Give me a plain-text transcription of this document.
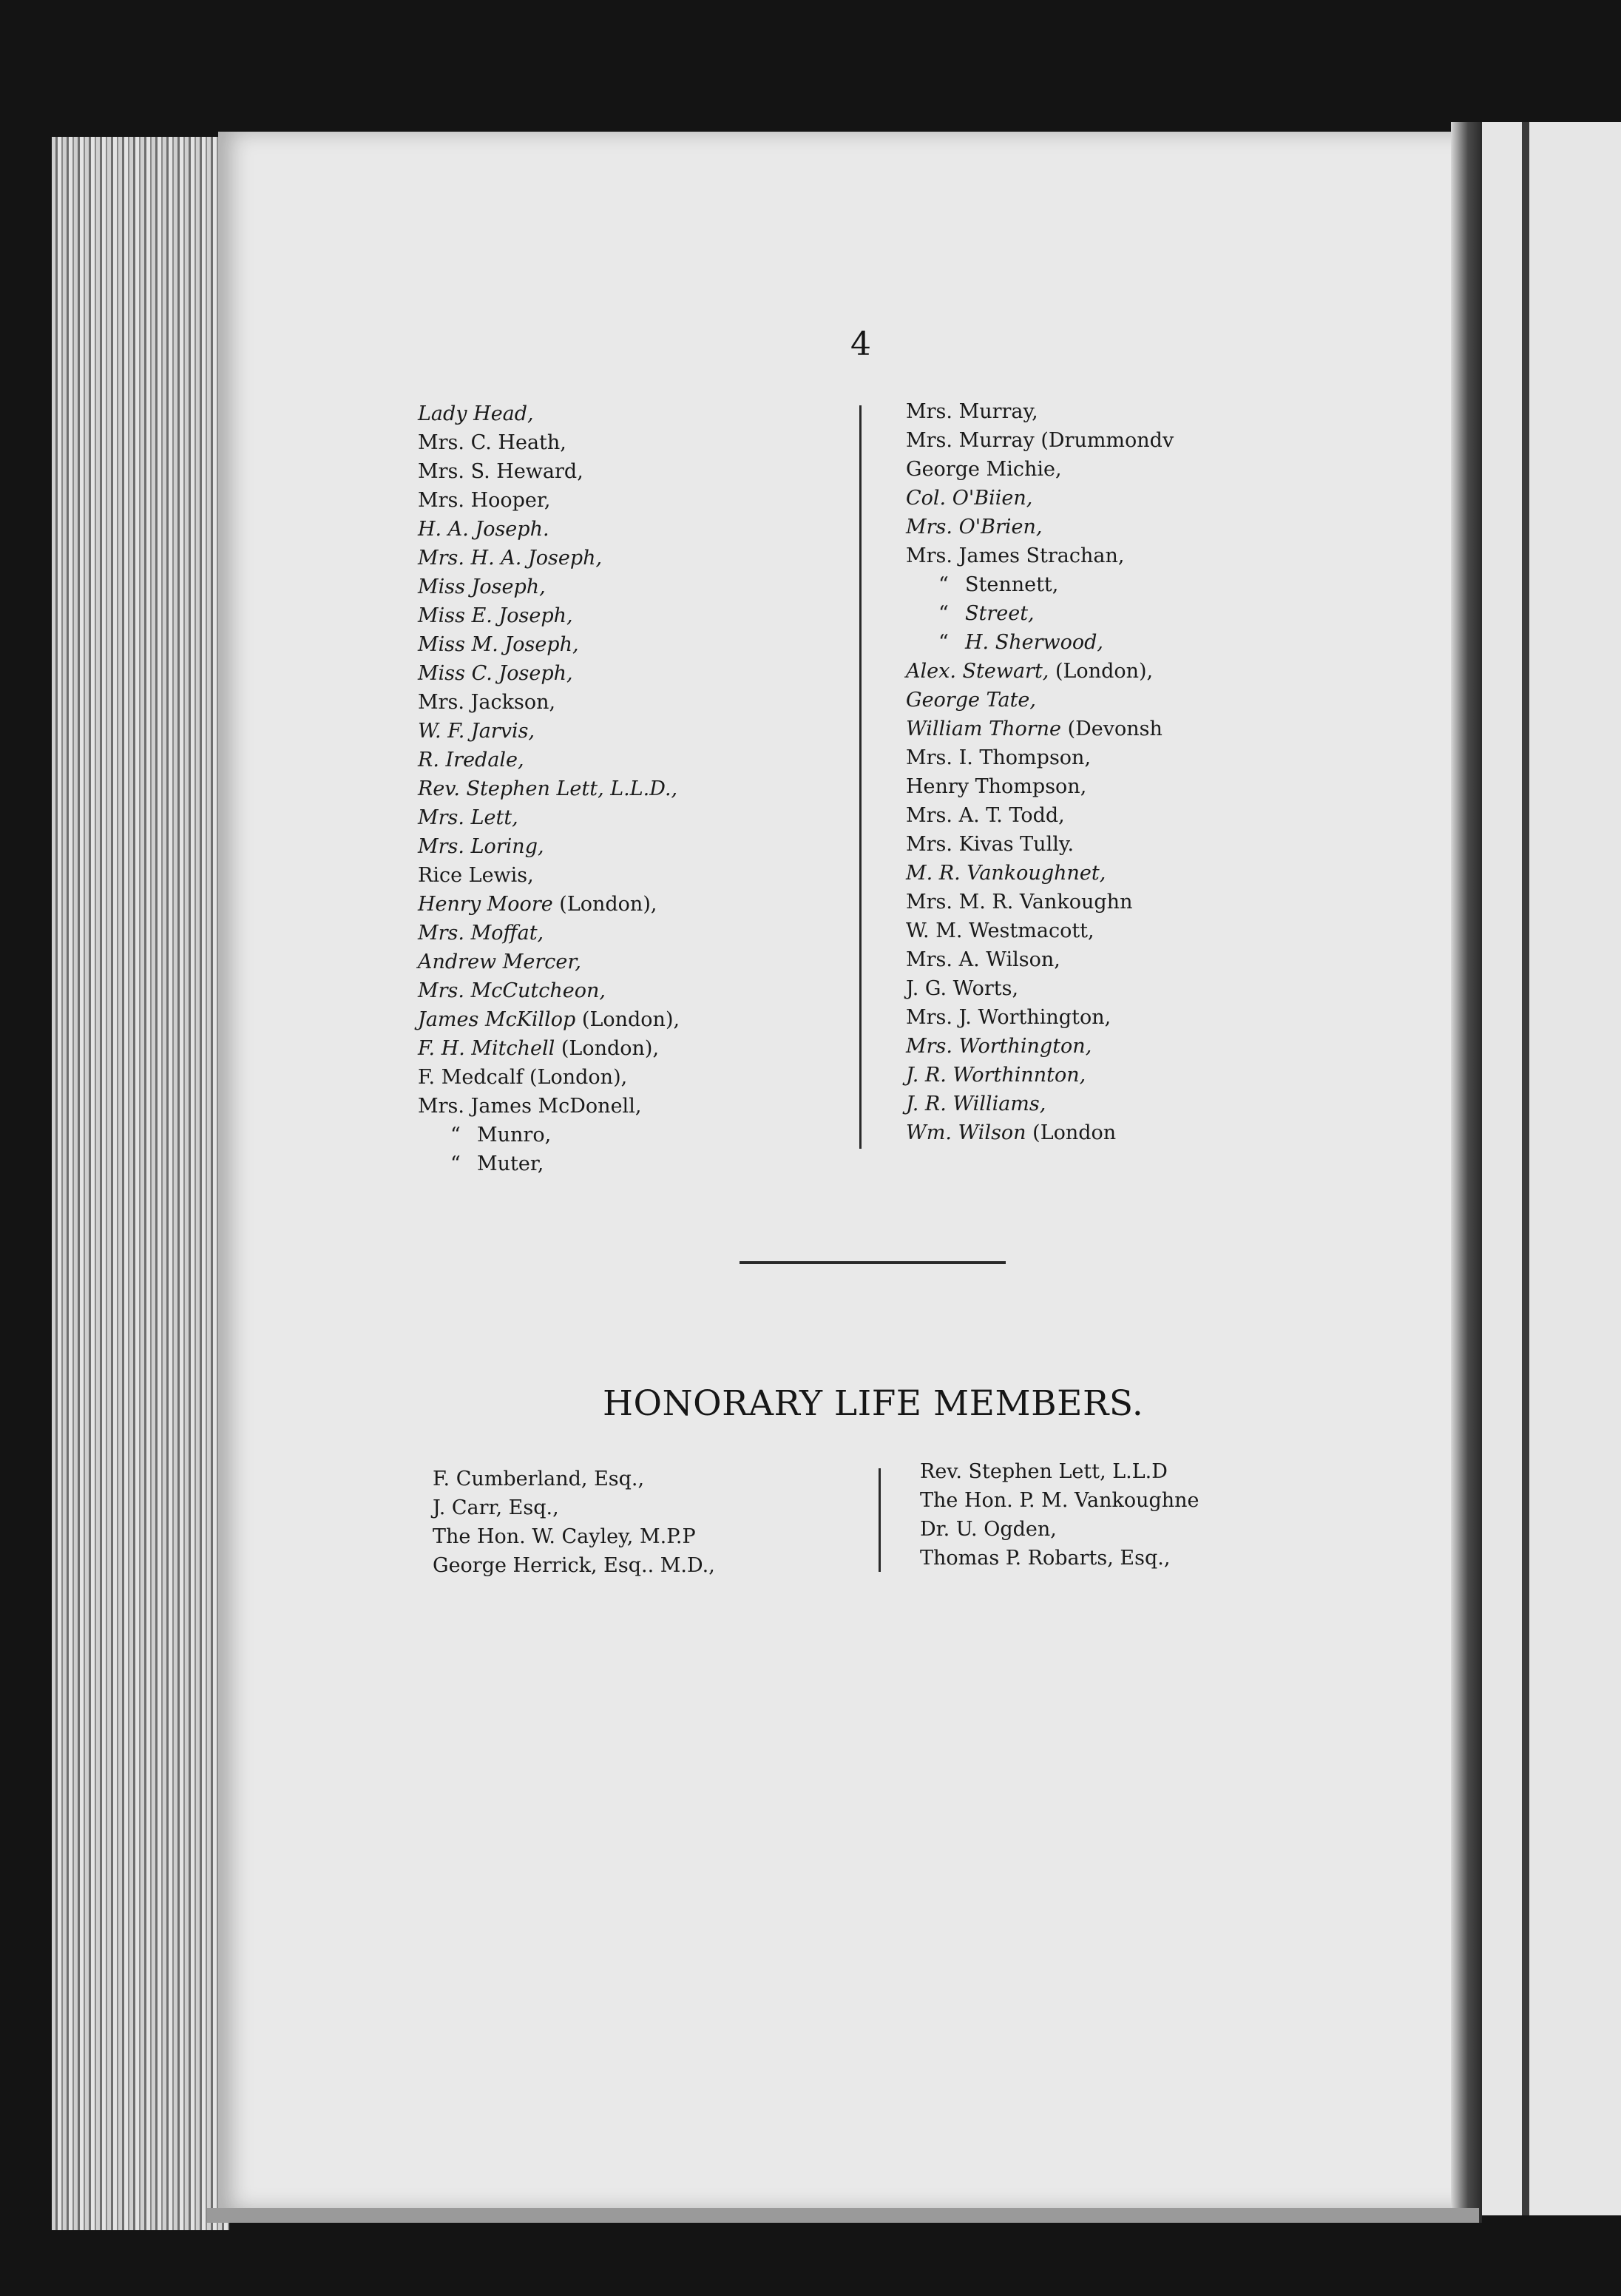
4
Lady Head,
Mrs. C. Heath,
Mrs. S. Heward,
Mrs. Hooper,
H. A. Joseph.
Mrs. H. A. Joseph,
Miss Joseph,
Miss E. Joseph,
Miss M. Joseph,
Miss C. Joseph,
Mrs. Jackson,
W. F. Jarvis,
R. Iredale,
Rev. Stephen Lett, L.L.D.,
Mrs. Lett,
Mrs. Loring,
Rice Lewis,
Henry Moore (London),
Mrs. Moffat,
Andrew Mercer,
Mrs. McCutcheon,
James McKillop (London),
F. H. Mitchell (London),
F. Medcalf (London),
Mrs. James McDonell,
“ Munro,
“ Muter,
Mrs. Murray,
Mrs. Murray (Drummondv
George Michie,
Col. O'Biien,
Mrs. O'Brien,
Mrs. James Strachan,
“ Stennett,
“ Street,
“ H. Sherwood,
Alex. Stewart, (London),
George Tate,
William Thorne (Devonsh
Mrs. I. Thompson,
Henry Thompson,
Mrs. A. T. Todd,
Mrs. Kivas Tully.
M. R. Vankoughnet,
Mrs. M. R. Vankoughn
W. M. Westmacott,
Mrs. A. Wilson,
J. G. Worts,
Mrs. J. Worthington,
Mrs. Worthington,
J. R. Worthinnton,
J. R. Williams,
Wm. Wilson (London
HONORARY LIFE MEMBERS.
F. Cumberland, Esq.,
J. Carr, Esq.,
The Hon. W. Cayley, M.P.P
George Herrick, Esq.. M.D.,
Rev. Stephen Lett, L.L.D
The Hon. P. M. Vankoughne
Dr. U. Ogden,
Thomas P. Robarts, Esq.,
